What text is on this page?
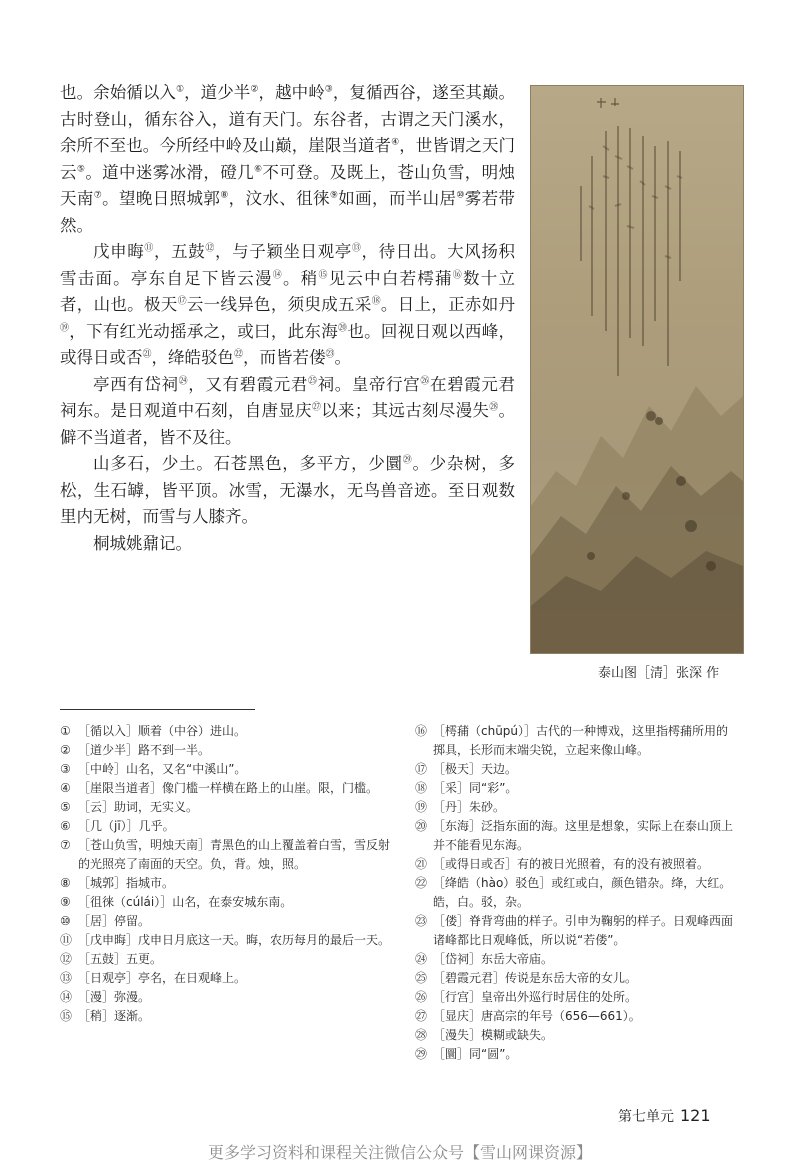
也。余始循以入①，道少半②，越中岭③，复循西谷，遂至其巅。古时登山，循东谷入，道有天门。东谷者，古谓之天门溪水，余所不至也。今所经中岭及山巅，崖限当道者④，世皆谓之天门云⑤。道中迷雾冰滑，磴几⑥不可登。及既上，苍山负雪，明烛天南⑦。望晚日照城郭⑧，汶水、徂徕⑨如画，而半山居⑩雾若带然。

戊申晦⑪，五鼓⑫，与子颖坐日观亭⑬，待日出。大风扬积雪击面。亭东自足下皆云漫⑭。稍⑮见云中白若樗蒱⑯数十立者，山也。极天⑰云一线异色，须臾成五采⑱。日上，正赤如丹⑲，下有红光动摇承之，或曰，此东海⑳也。回视日观以西峰，或得日或否$^㉑$，绛皓驳色$^㉒$，而皆若偻$^㉓$。

亭西有岱祠$^㉔$，又有碧霞元君$^㉕$祠。皇帝行宫$^㉖$在碧霞元君祠东。是日观道中石刻，自唐显庆$^㉗$以来；其远古刻尽漫失$^㉘$。僻不当道者，皆不及往。

山多石，少土。石苍黑色，多平方，少圜$^㉙$。少杂树，多松，生石罅，皆平顶。冰雪，无瀑水，无鸟兽音迹。至日观数里内无树，而雪与人膝齐。

桐城姚鼐记。

泰山图［清］张深 作
① ［循以入］顺着（中谷）进山。
② ［道少半］路不到一半。
③ ［中岭］山名，又名“中溪山”。
④ ［崖限当道者］像门槛一样横在路上的山崖。限，门槛。
⑤ ［云］助词，无实义。
⑥ ［几（jī）］几乎。
⑦ ［苍山负雪，明烛天南］青黑色的山上覆盖着白雪，雪反射的光照亮了南面的天空。负，背。烛，照。
⑧ ［城郭］指城市。
⑨ ［徂徕（cúlái）］山名，在泰安城东南。
⑩ ［居］停留。
⑪ ［戊申晦］戊申日月底这一天。晦，农历每月的最后一天。
⑫ ［五鼓］五更。
⑬ ［日观亭］亭名，在日观峰上。
⑭ ［漫］弥漫。
⑮ ［稍］逐渐。
⑯ ［樗蒱（chūpú）］古代的一种博戏，这里指樗蒱所用的掷具，长形而末端尖锐，立起来像山峰。
⑰ ［极天］天边。
⑱ ［采］同“彩”。
⑲ ［丹］朱砂。
⑳ ［东海］泛指东面的海。这里是想象，实际上在泰山顶上并不能看见东海。
㉑ ［或得日或否］有的被日光照着，有的没有被照着。
㉒ ［绛皓（hào）驳色］或红或白，颜色错杂。绛，大红。皓，白。驳，杂。
㉓ ［偻］脊背弯曲的样子。引申为鞠躬的样子。日观峰西面诸峰都比日观峰低，所以说“若偻”。
㉔ ［岱祠］东岳大帝庙。
㉕ ［碧霞元君］传说是东岳大帝的女儿。
㉖ ［行宫］皇帝出外巡行时居住的处所。
㉗ ［显庆］唐高宗的年号（656—661）。
㉘ ［漫失］模糊或缺失。
㉙ ［圜］同“圆”。
第七单元 121
更多学习资料和课程关注微信公众号【雪山网课资源】
